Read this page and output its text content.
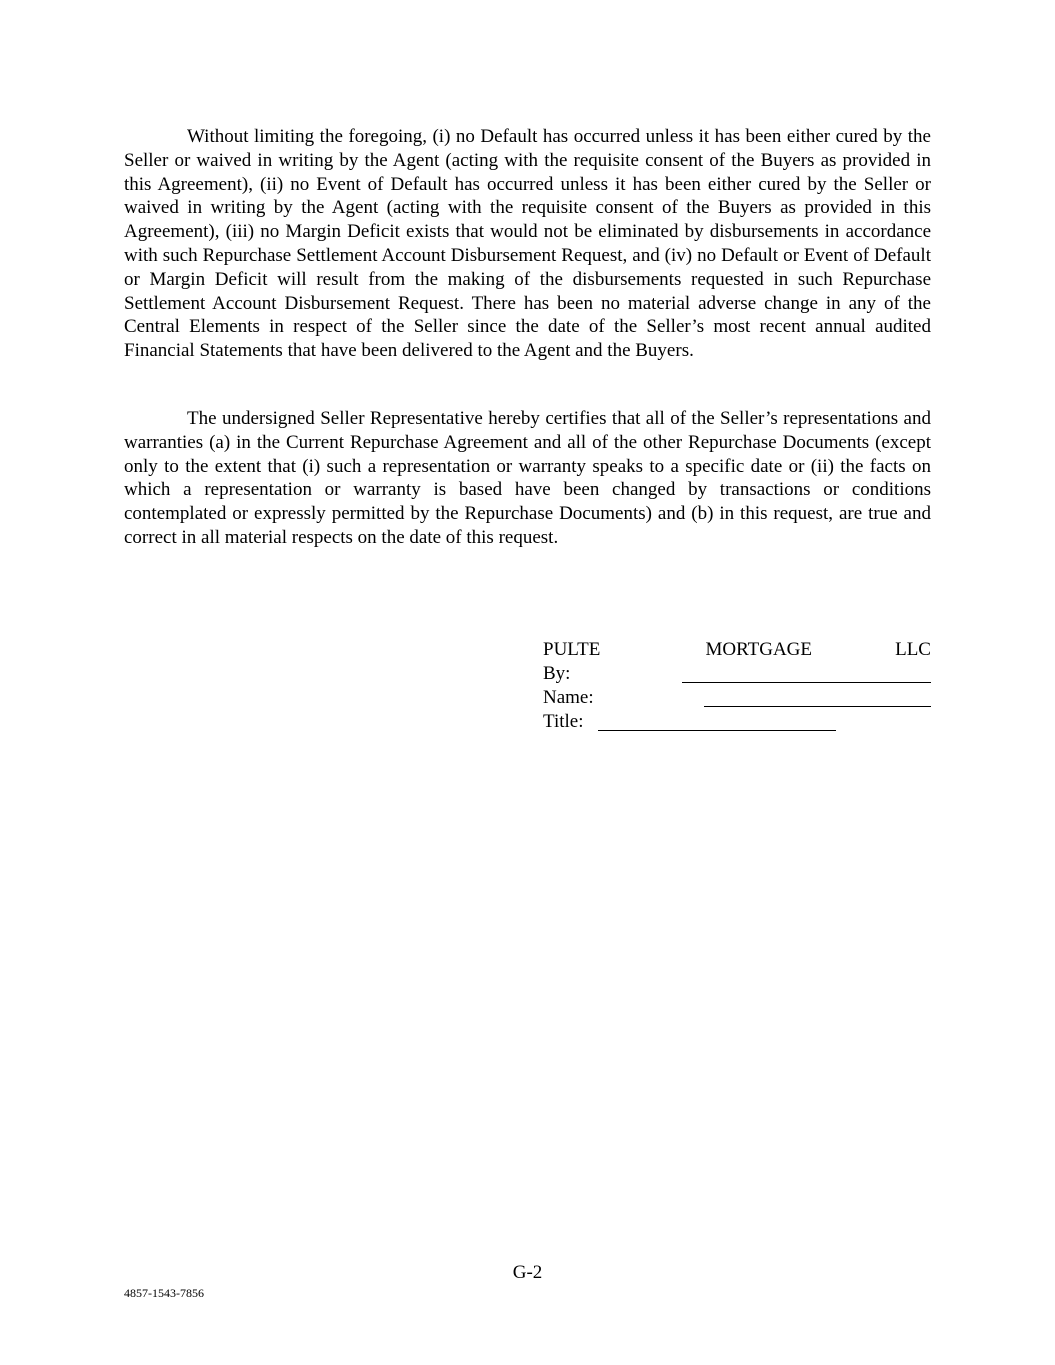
Without limiting the foregoing, (i) no Default has occurred unless it has been either cured by the Seller or waived in writing by the Agent (acting with the requisite consent of the Buyers as provided in this Agreement), (ii) no Event of Default has occurred unless it has been either cured by the Seller or waived in writing by the Agent (acting with the requisite consent of the Buyers as provided in this Agreement), (iii) no Margin Deficit exists that would not be eliminated by disbursements in accordance with such Repurchase Settlement Account Disbursement Request, and (iv) no Default or Event of Default or Margin Deficit will result from the making of the disbursements requested in such Repurchase Settlement Account Disbursement Request. There has been no material adverse change in any of the Central Elements in respect of the Seller since the date of the Seller’s most recent annual audited Financial Statements that have been delivered to the Agent and the Buyers.

The undersigned Seller Representative hereby certifies that all of the Seller’s representations and warranties (a) in the Current Repurchase Agreement and all of the other Repurchase Documents (except only to the extent that (i) such a representation or warranty speaks to a specific date or (ii) the facts on which a representation or warranty is based have been changed by transactions or conditions contemplated or expressly permitted by the Repurchase Documents) and (b) in this request, are true and correct in all material respects on the date of this request.

PULTE	MORTGAGE	LLC
By:
Name:
Title:
G-2
4857-1543-7856
